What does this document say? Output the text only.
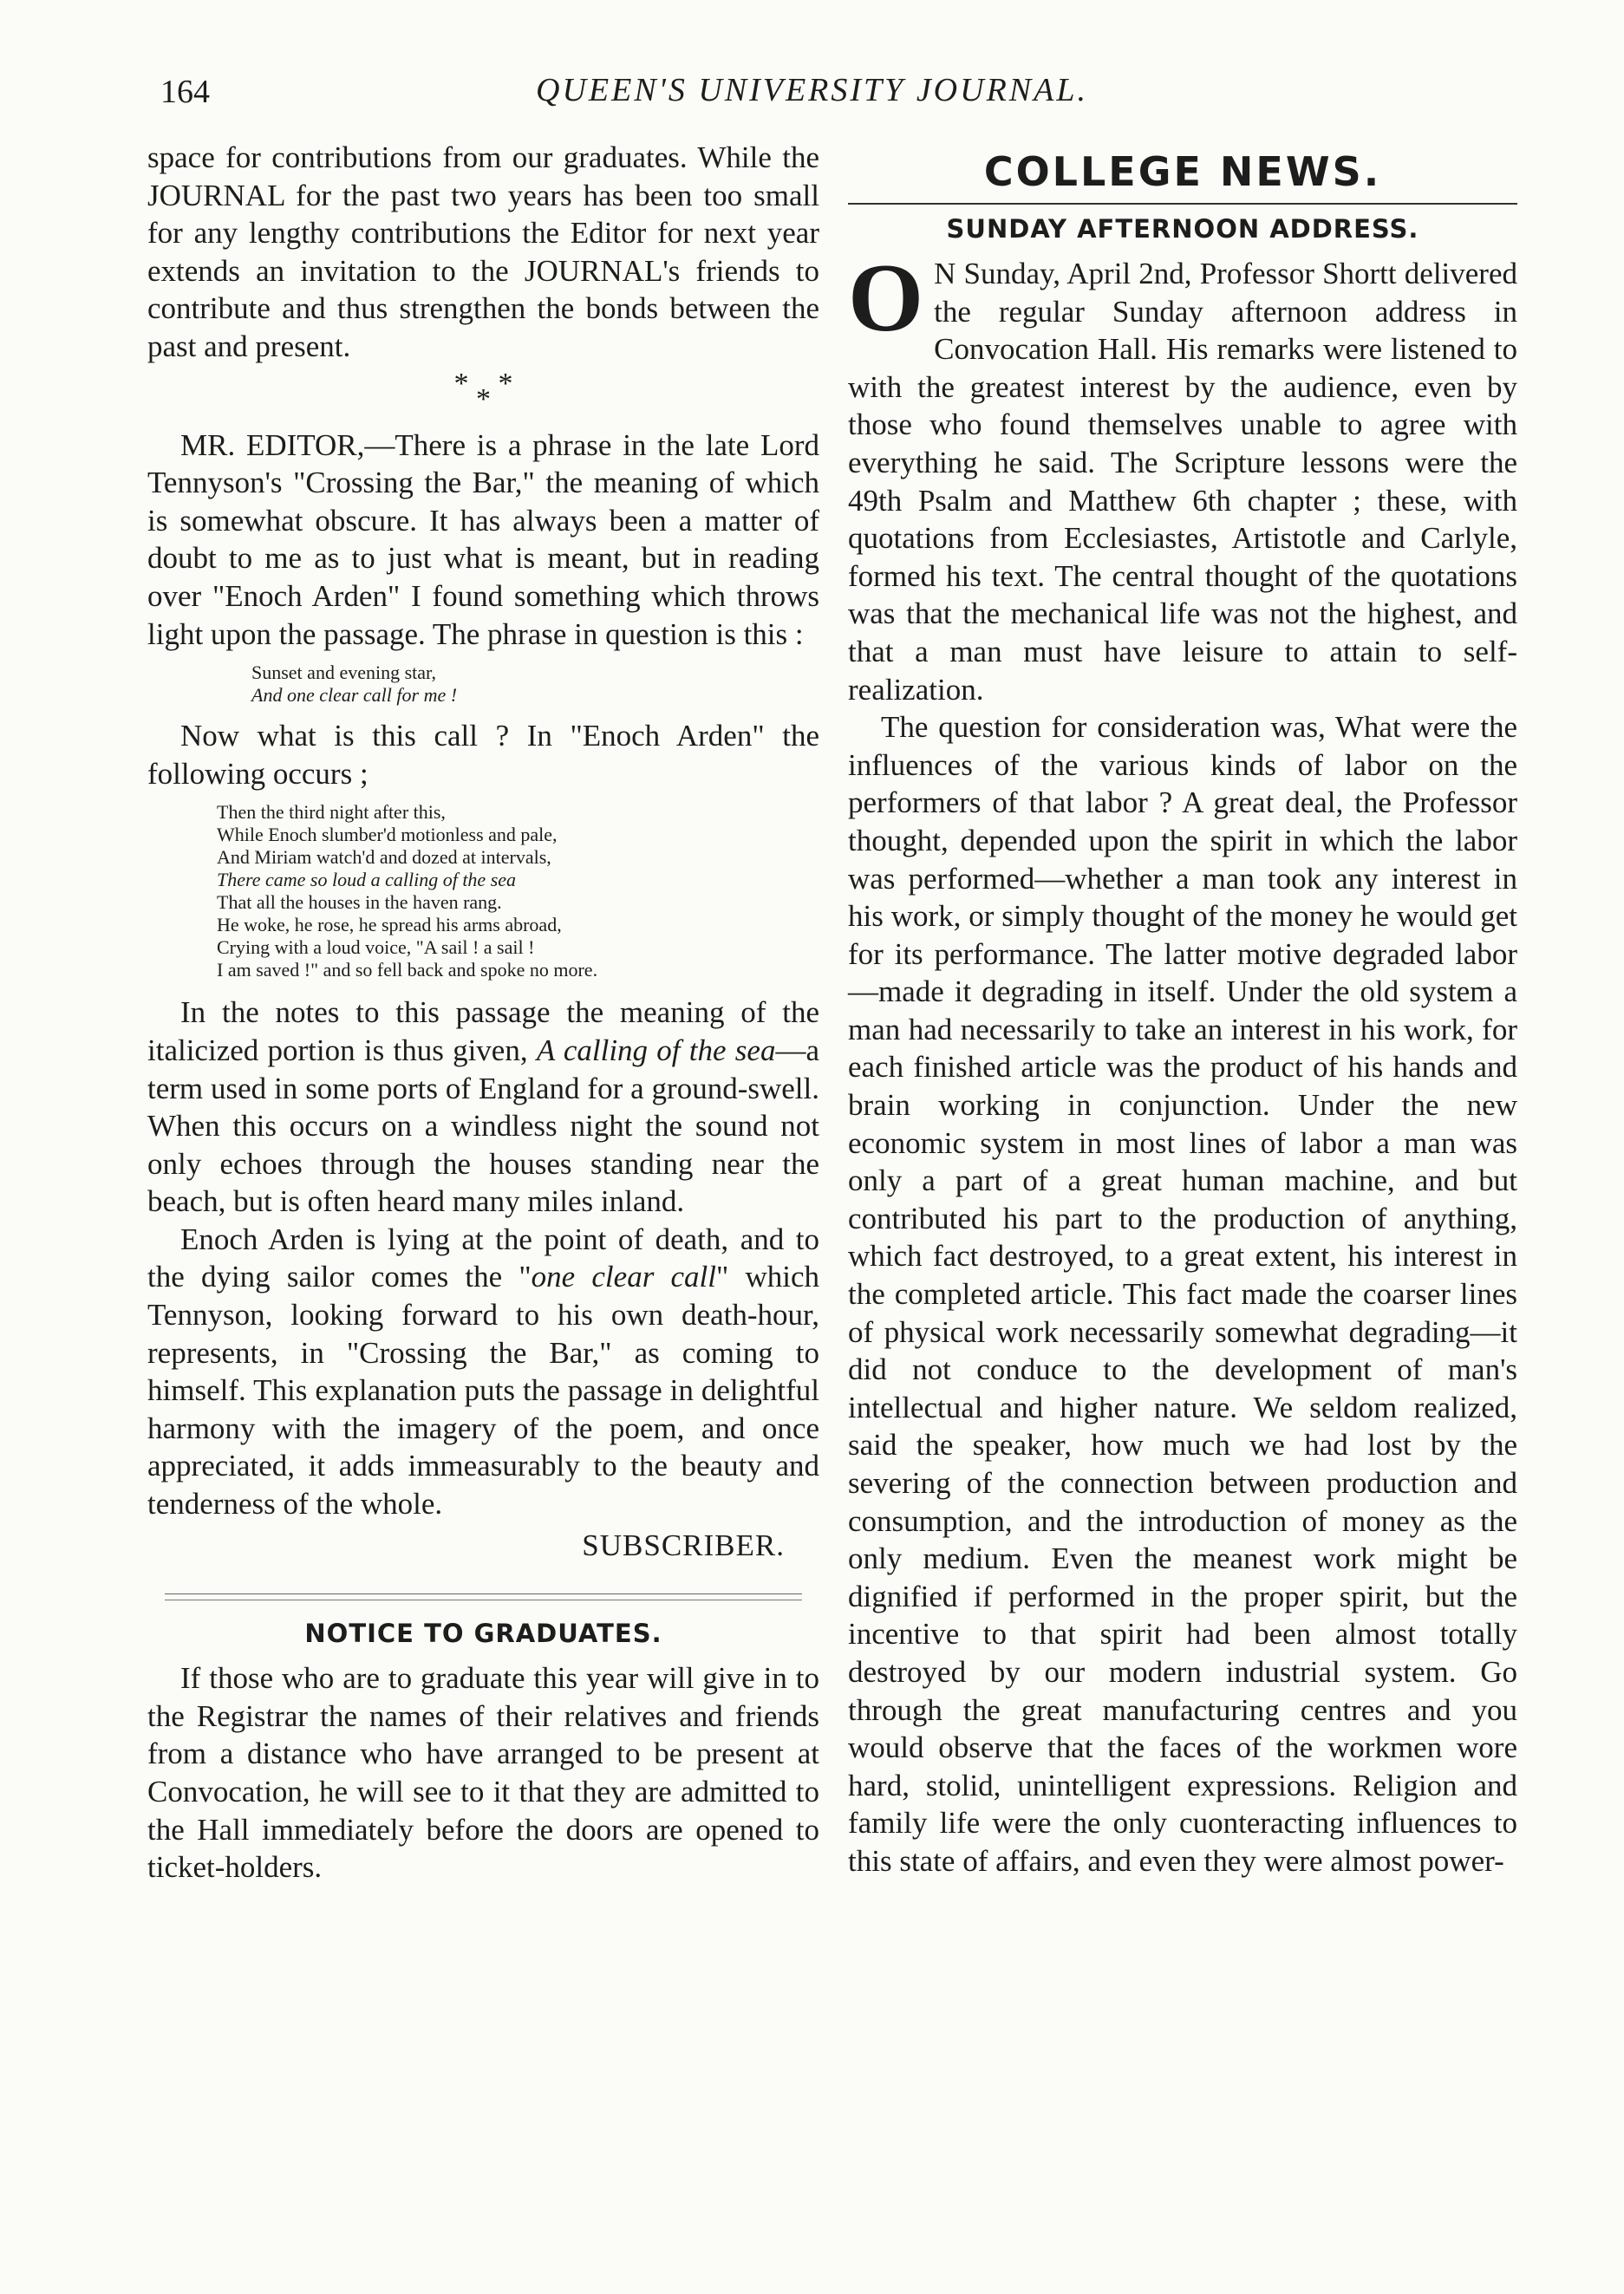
164	QUEEN'S UNIVERSITY JOURNAL.

space for contributions from our graduates. While the JOURNAL for the past two years has been too small for any lengthy contributions the Editor for next year extends an invitation to the JOURNAL's friends to contribute and thus strengthen the bonds between the past and present.

* * *

MR. EDITOR,—There is a phrase in the late Lord Tennyson's "Crossing the Bar," the meaning of which is somewhat obscure. It has always been a matter of doubt to me as to just what is meant, but in reading over "Enoch Arden" I found something which throws light upon the passage. The phrase in question is this :

Sunset and evening star,
And one clear call for me !

Now what is this call ? In "Enoch Arden" the following occurs ;

Then the third night after this,
While Enoch slumber'd motionless and pale,
And Miriam watch'd and dozed at intervals,
There came so loud a calling of the sea
That all the houses in the haven rang.
He woke, he rose, he spread his arms abroad,
Crying with a loud voice, "A sail ! a sail !
I am saved !" and so fell back and spoke no more.

In the notes to this passage the meaning of the italicized portion is thus given, A calling of the sea—a term used in some ports of England for a ground-swell. When this occurs on a windless night the sound not only echoes through the houses standing near the beach, but is often heard many miles inland.

Enoch Arden is lying at the point of death, and to the dying sailor comes the "one clear call" which Tennyson, looking forward to his own death-hour, represents, in "Crossing the Bar," as coming to himself. This explanation puts the passage in delightful harmony with the imagery of the poem, and once appreciated, it adds immeasurably to the beauty and tenderness of the whole.

SUBSCRIBER.
NOTICE TO GRADUATES.

If those who are to graduate this year will give in to the Registrar the names of their relatives and friends from a distance who have arranged to be present at Convocation, he will see to it that they are admitted to the Hall immediately before the doors are opened to ticket-holders.

COLLEGE NEWS.
SUNDAY AFTERNOON ADDRESS.

O N Sunday, April 2nd, Professor Shortt delivered the regular Sunday afternoon address in Convocation Hall. His remarks were listened to with the greatest interest by the audience, even by those who found themselves unable to agree with everything he said. The Scripture lessons were the 49th Psalm and Matthew 6th chapter ; these, with quotations from Ecclesiastes, Artistotle and Carlyle, formed his text. The central thought of the quotations was that the mechanical life was not the highest, and that a man must have leisure to attain to self-realization.

The question for consideration was, What were the influences of the various kinds of labor on the performers of that labor ? A great deal, the Professor thought, depended upon the spirit in which the labor was performed—whether a man took any interest in his work, or simply thought of the money he would get for its performance. The latter motive degraded labor—made it degrading in itself. Under the old system a man had necessarily to take an interest in his work, for each finished article was the product of his hands and brain working in conjunction. Under the new economic system in most lines of labor a man was only a part of a great human machine, and but contributed his part to the production of anything, which fact destroyed, to a great extent, his interest in the completed article. This fact made the coarser lines of physical work necessarily somewhat degrading—it did not conduce to the development of man's intellectual and higher nature. We seldom realized, said the speaker, how much we had lost by the severing of the connection between production and consumption, and the introduction of money as the only medium. Even the meanest work might be dignified if performed in the proper spirit, but the incentive to that spirit had been almost totally destroyed by our modern industrial system. Go through the great manufacturing centres and you would observe that the faces of the workmen wore hard, stolid, unintelligent expressions. Religion and family life were the only cuonteracting influences to this state of affairs, and even they were almost power-
